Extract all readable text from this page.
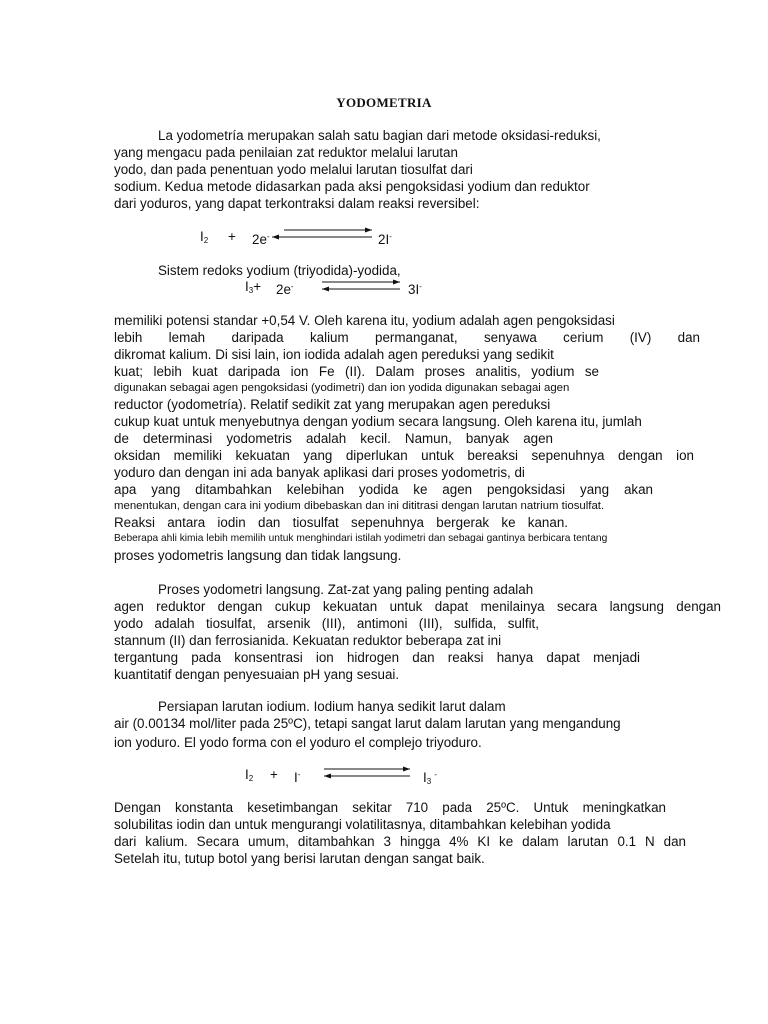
YODOMETRIA
La yodometría merupakan salah satu bagian dari metode oksidasi-reduksi,
yang mengacu pada penilaian zat reduktor melalui larutan
yodo, dan pada penentuan yodo melalui larutan tiosulfat dari
sodium. Kedua metode didasarkan pada aksi pengoksidasi yodium dan reduktor
dari yoduros, yang dapat terkontraksi dalam reaksi reversibel:
$I_2 + 2e^-$	2I-
Sistem redoks yodium (triyodida)-yodida,
$I_3+ 2e^-$	3I-
memiliki potensi standar +0,54 V. Oleh karena itu, yodium adalah agen pengoksidasi
lebih lemah daripada kalium permanganat, senyawa cerium (IV) dan
dikromat kalium. Di sisi lain, ion iodida adalah agen pereduksi yang sedikit
kuat; lebih kuat daripada ion Fe (II). Dalam proses analitis, yodium se
digunakan sebagai agen pengoksidasi (yodimetri) dan ion yodida digunakan sebagai agen
reductor (yodometría). Relatif sedikit zat yang merupakan agen pereduksi
cukup kuat untuk menyebutnya dengan yodium secara langsung. Oleh karena itu, jumlah
de determinasi yodometris adalah kecil. Namun, banyak agen
oksidan memiliki kekuatan yang diperlukan untuk bereaksi sepenuhnya dengan ion
yoduro dan dengan ini ada banyak aplikasi dari proses yodometris, di
apa yang ditambahkan kelebihan yodida ke agen pengoksidasi yang akan
menentukan, dengan cara ini yodium dibebaskan dan ini dititrasi dengan larutan natrium tiosulfat.
Reaksi antara iodin dan tiosulfat sepenuhnya bergerak ke kanan.
Beberapa ahli kimia lebih memilih untuk menghindari istilah yodimetri dan sebagai gantinya berbicara tentang
proses yodometris langsung dan tidak langsung.
Proses yodometri langsung. Zat-zat yang paling penting adalah
agen reduktor dengan cukup kekuatan untuk dapat menilainya secara langsung dengan
yodo adalah tiosulfat, arsenik (III), antimoni (III), sulfida, sulfit,
stannum (II) dan ferrosianida. Kekuatan reduktor beberapa zat ini
tergantung pada konsentrasi ion hidrogen dan reaksi hanya dapat menjadi
kuantitatif dengan penyesuaian pH yang sesuai.
Persiapan larutan iodium. Iodium hanya sedikit larut dalam
air (0.00134 mol/liter pada 25ºC), tetapi sangat larut dalam larutan yang mengandung
ion yoduro. El yodo forma con el yoduro el complejo triyoduro.
$I_2 + I^-$	$I_3^-$
Dengan konstanta kesetimbangan sekitar 710 pada 25ºC. Untuk meningkatkan
solubilitas iodin dan untuk mengurangi volatilitasnya, ditambahkan kelebihan yodida
dari kalium. Secara umum, ditambahkan 3 hingga 4% KI ke dalam larutan 0.1 N dan
Setelah itu, tutup botol yang berisi larutan dengan sangat baik.
